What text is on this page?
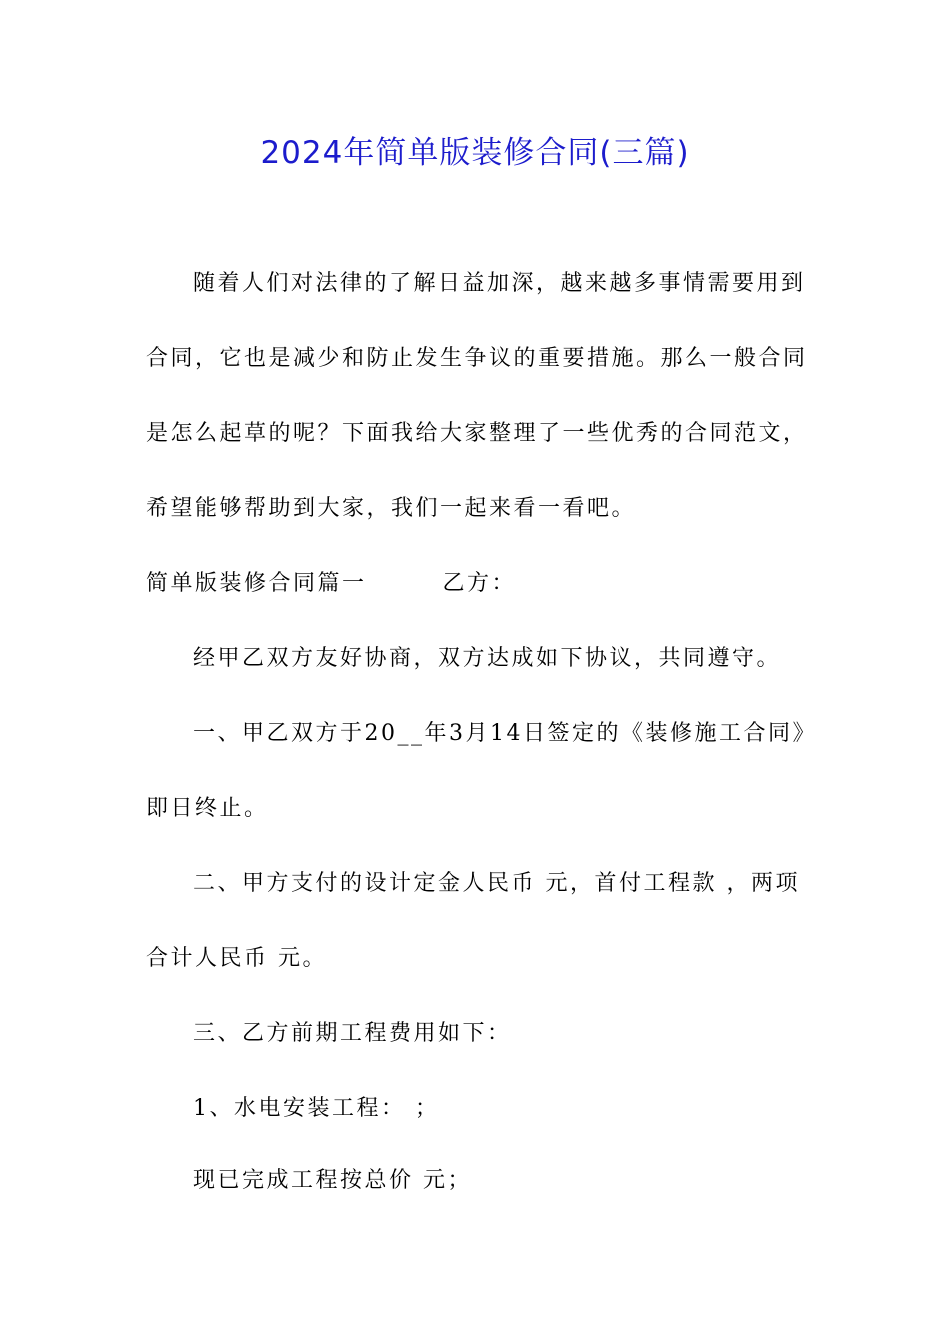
2024年简单版装修合同(三篇)
随着人们对法律的了解日益加深，越来越多事情需要用到
合同，它也是减少和防止发生争议的重要措施。那么一般合同
是怎么起草的呢？下面我给大家整理了一些优秀的合同范文，
希望能够帮助到大家，我们一起来看一看吧。
简单版装修合同篇一        乙方：
经甲乙双方友好协商，双方达成如下协议，共同遵守。
一、甲乙双方于20__年3月14日签定的《装修施工合同》
即日终止。
二、甲方支付的设计定金人民币 元，首付工程款 ，两项
合计人民币 元。
三、乙方前期工程费用如下：
1、水电安装工程： ；
现已完成工程按总价 元；
